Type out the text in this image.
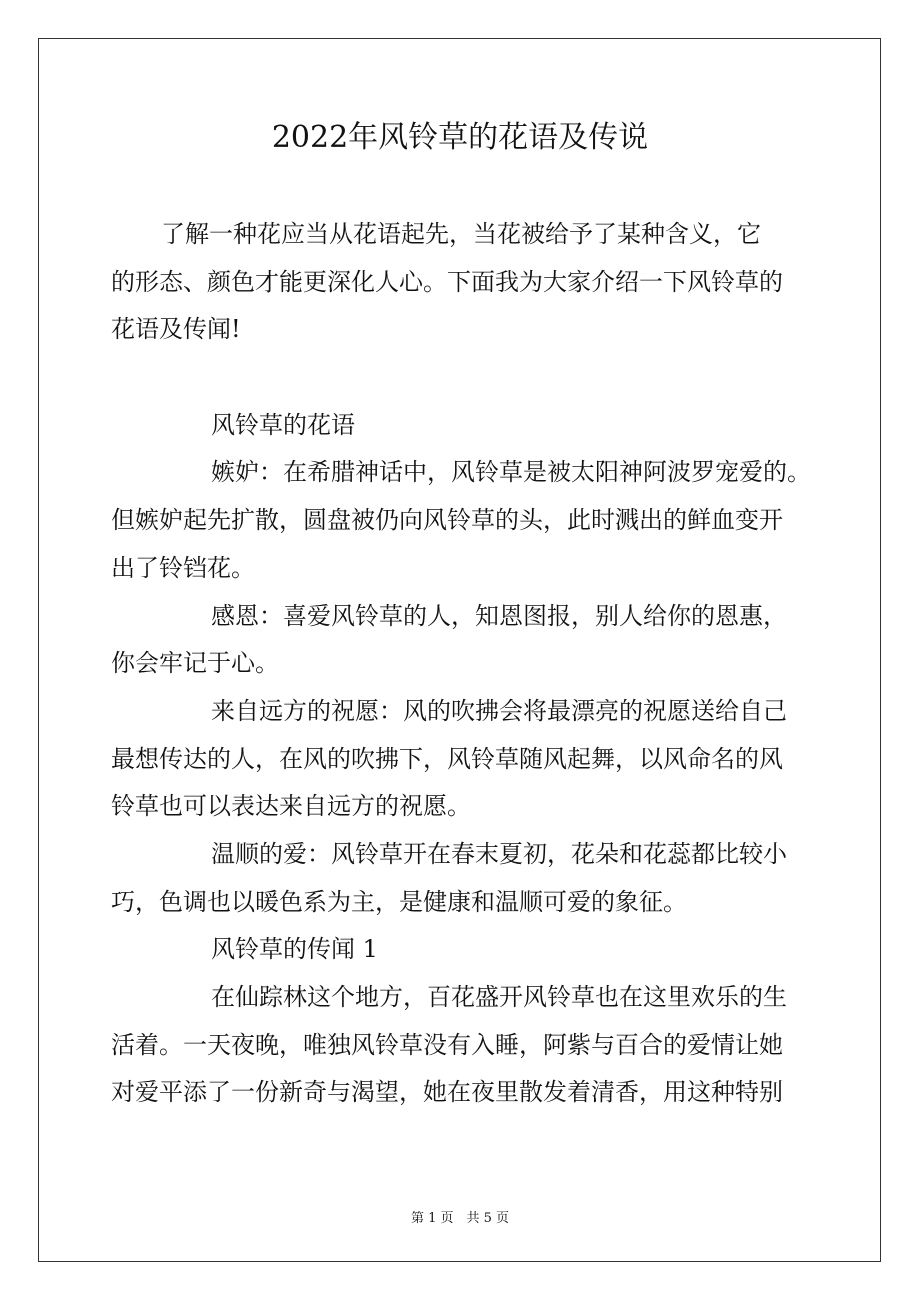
2022年风铃草的花语及传说
了解一种花应当从花语起先，当花被给予了某种含义，它
的形态、颜色才能更深化人心。下面我为大家介绍一下风铃草的
花语及传闻!
风铃草的花语
嫉妒：在希腊神话中，风铃草是被太阳神阿波罗宠爱的。
但嫉妒起先扩散，圆盘被仍向风铃草的头，此时溅出的鲜血变开
出了铃铛花。
感恩：喜爱风铃草的人，知恩图报，别人给你的恩惠，
你会牢记于心。
来自远方的祝愿：风的吹拂会将最漂亮的祝愿送给自己
最想传达的人，在风的吹拂下，风铃草随风起舞，以风命名的风
铃草也可以表达来自远方的祝愿。
温顺的爱：风铃草开在春末夏初，花朵和花蕊都比较小
巧，色调也以暖色系为主，是健康和温顺可爱的象征。
风铃草的传闻 1
在仙踪林这个地方，百花盛开风铃草也在这里欢乐的生
活着。一天夜晚，唯独风铃草没有入睡，阿紫与百合的爱情让她
对爱平添了一份新奇与渴望，她在夜里散发着清香，用这种特别
第 1 页　共 5 页
